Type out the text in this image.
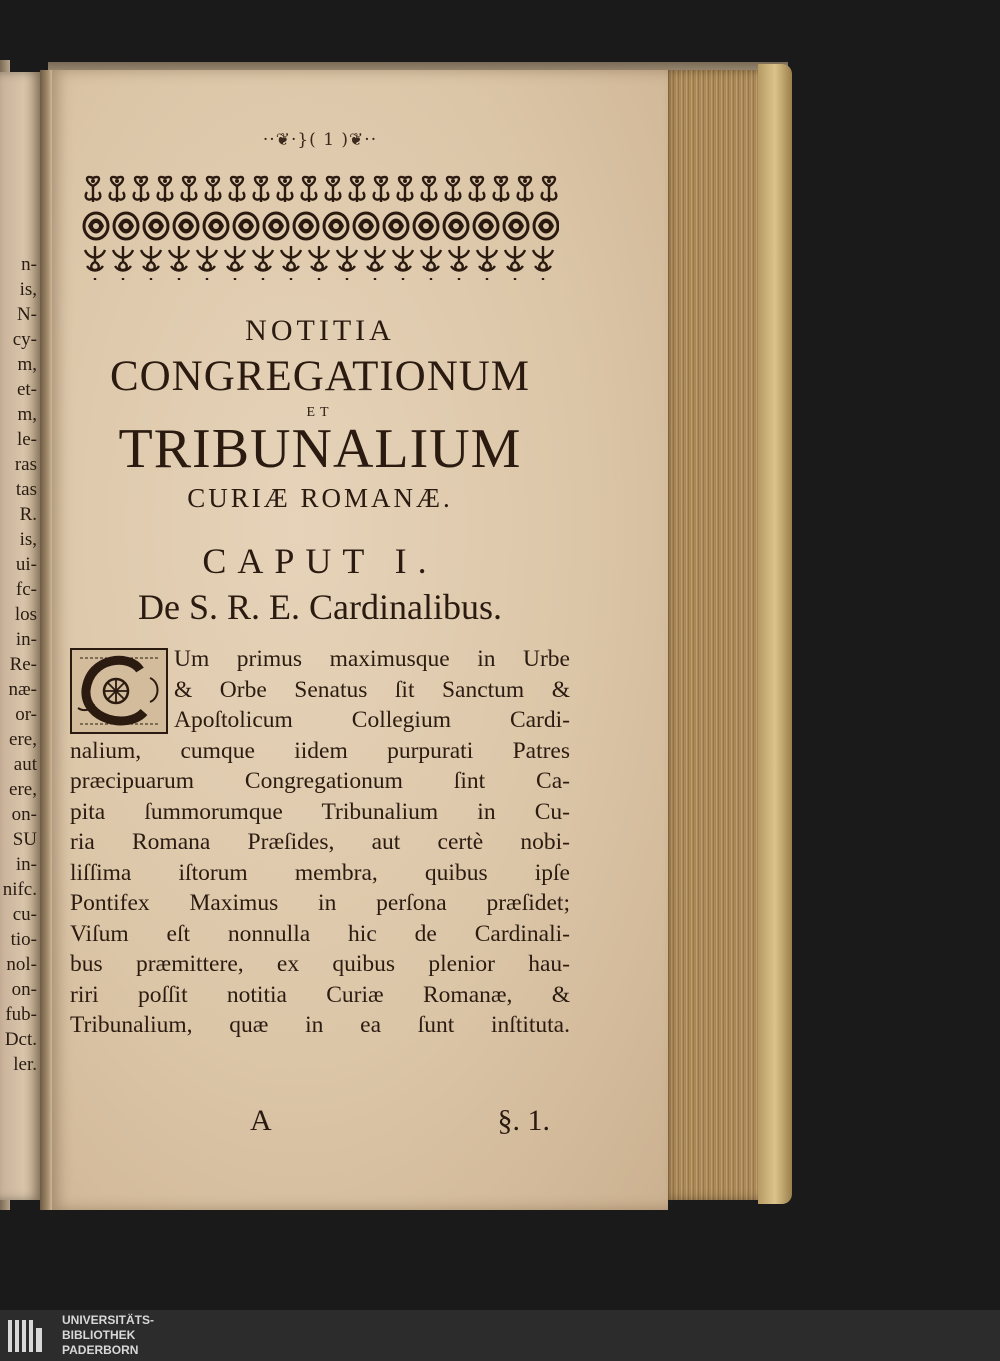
n-
is,
N-
cy-
m,
et-
m,
le-
ras
tas
R.
is,
ui-
fc-
los
in-
Re-
næ-
or-
ere,
aut
ere,
on-
SU
in-
nifc.
cu-
tio-
nol-
on-
fub-
Dct.
ler.
··❦·}( 1 )❦··
NOTITIA
CONGREGATIONUM
ET
TRIBUNALIUM
CURIÆ ROMANÆ.
CAPUT I.
De S. R. E. Cardinalibus.
Um primus maximusque in Urbe
& Orbe Senatus ſit Sanctum &
Apoſtolicum Collegium Cardi-
nalium, cumque iidem purpurati Patres
præcipuarum Congregationum ſint Ca-
pita ſummorumque Tribunalium in Cu-
ria Romana Præſides, aut certè nobi-
liſſima iſtorum membra, quibus ipſe
Pontifex Maximus in perſona præſidet;
Viſum eſt nonnulla hic de Cardinali-
bus præmittere, ex quibus plenior hau-
riri poſſit notitia Curiæ Romanæ, &
Tribunalium, quæ in ea ſunt inſtituta.
A	§. 1.
UNIVERSITÄTS-
BIBLIOTHEK
PADERBORN
